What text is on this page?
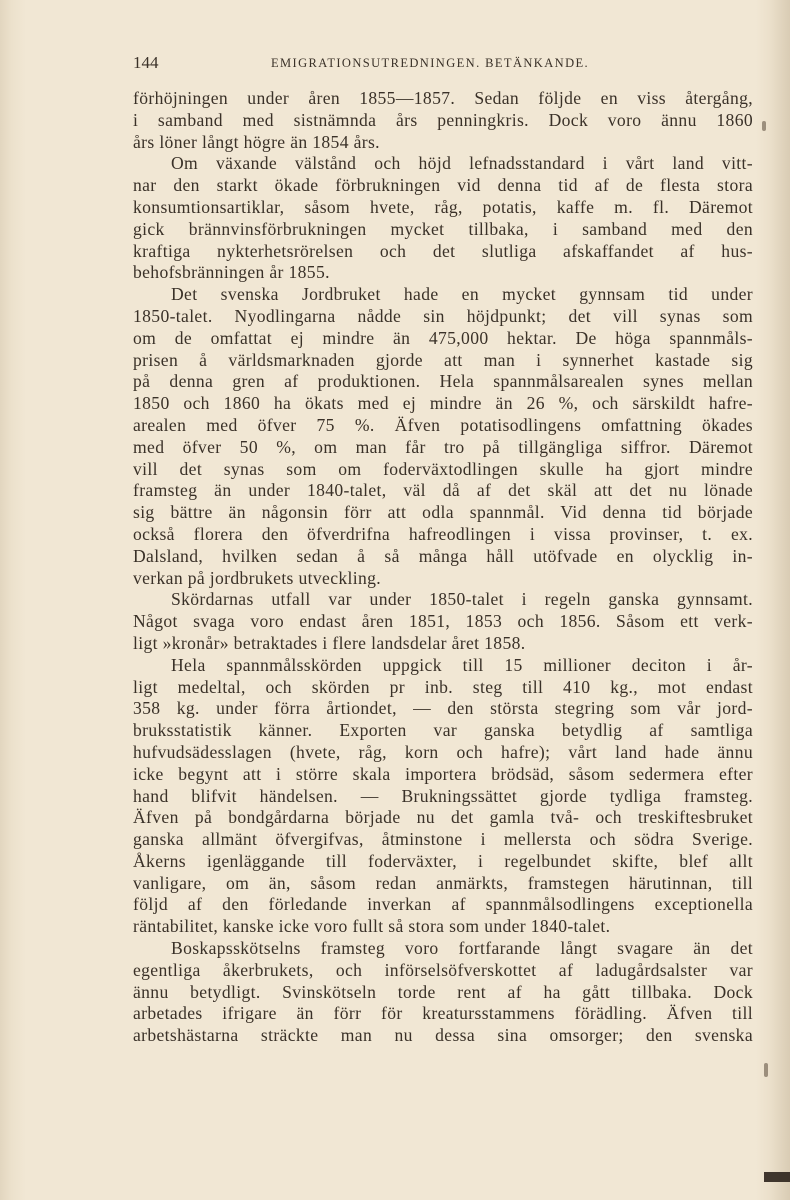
144	EMIGRATIONSUTREDNINGEN. BETÄNKANDE.
förhöjningen under åren 1855—1857. Sedan följde en viss återgång,
i samband med sistnämnda års penningkris. Dock voro ännu 1860
års löner långt högre än 1854 års.
Om växande välstånd och höjd lefnadsstandard i vårt land vitt-
nar den starkt ökade förbrukningen vid denna tid af de flesta stora
konsumtionsartiklar, såsom hvete, råg, potatis, kaffe m. fl. Däremot
gick brännvinsförbrukningen mycket tillbaka, i samband med den
kraftiga nykterhetsrörelsen och det slutliga afskaffandet af hus-
behofsbränningen år 1855.
Det svenska Jordbruket hade en mycket gynnsam tid under
1850-talet. Nyodlingarna nådde sin höjdpunkt; det vill synas som
om de omfattat ej mindre än 475,000 hektar. De höga spannmåls-
prisen å världsmarknaden gjorde att man i synnerhet kastade sig
på denna gren af produktionen. Hela spannmålsarealen synes mellan
1850 och 1860 ha ökats med ej mindre än 26 %, och särskildt hafre-
arealen med öfver 75 %. Äfven potatisodlingens omfattning ökades
med öfver 50 %, om man får tro på tillgängliga siffror. Däremot
vill det synas som om foderväxtodlingen skulle ha gjort mindre
framsteg än under 1840-talet, väl då af det skäl att det nu lönade
sig bättre än någonsin förr att odla spannmål. Vid denna tid började
också florera den öfverdrifna hafreodlingen i vissa provinser, t. ex.
Dalsland, hvilken sedan å så många håll utöfvade en olycklig in-
verkan på jordbrukets utveckling.
Skördarnas utfall var under 1850-talet i regeln ganska gynnsamt.
Något svaga voro endast åren 1851, 1853 och 1856. Såsom ett verk-
ligt »kronår» betraktades i flere landsdelar året 1858.
Hela spannmålsskörden uppgick till 15 millioner deciton i år-
ligt medeltal, och skörden pr inb. steg till 410 kg., mot endast
358 kg. under förra årtiondet, — den största stegring som vår jord-
bruksstatistik känner. Exporten var ganska betydlig af samtliga
hufvudsädesslagen (hvete, råg, korn och hafre); vårt land hade ännu
icke begynt att i större skala importera brödsäd, såsom sedermera efter
hand blifvit händelsen. — Brukningssättet gjorde tydliga framsteg.
Äfven på bondgårdarna började nu det gamla två- och treskiftesbruket
ganska allmänt öfvergifvas, åtminstone i mellersta och södra Sverige.
Åkerns igenläggande till foderväxter, i regelbundet skifte, blef allt
vanligare, om än, såsom redan anmärkts, framstegen härutinnan, till
följd af den förledande inverkan af spannmålsodlingens exceptionella
räntabilitet, kanske icke voro fullt så stora som under 1840-talet.
Boskapsskötselns framsteg voro fortfarande långt svagare än det
egentliga åkerbrukets, och införselsöfverskottet af ladugårdsalster var
ännu betydligt. Svinskötseln torde rent af ha gått tillbaka. Dock
arbetades ifrigare än förr för kreatursstammens förädling. Äfven till
arbetshästarna sträckte man nu dessa sina omsorger; den svenska
